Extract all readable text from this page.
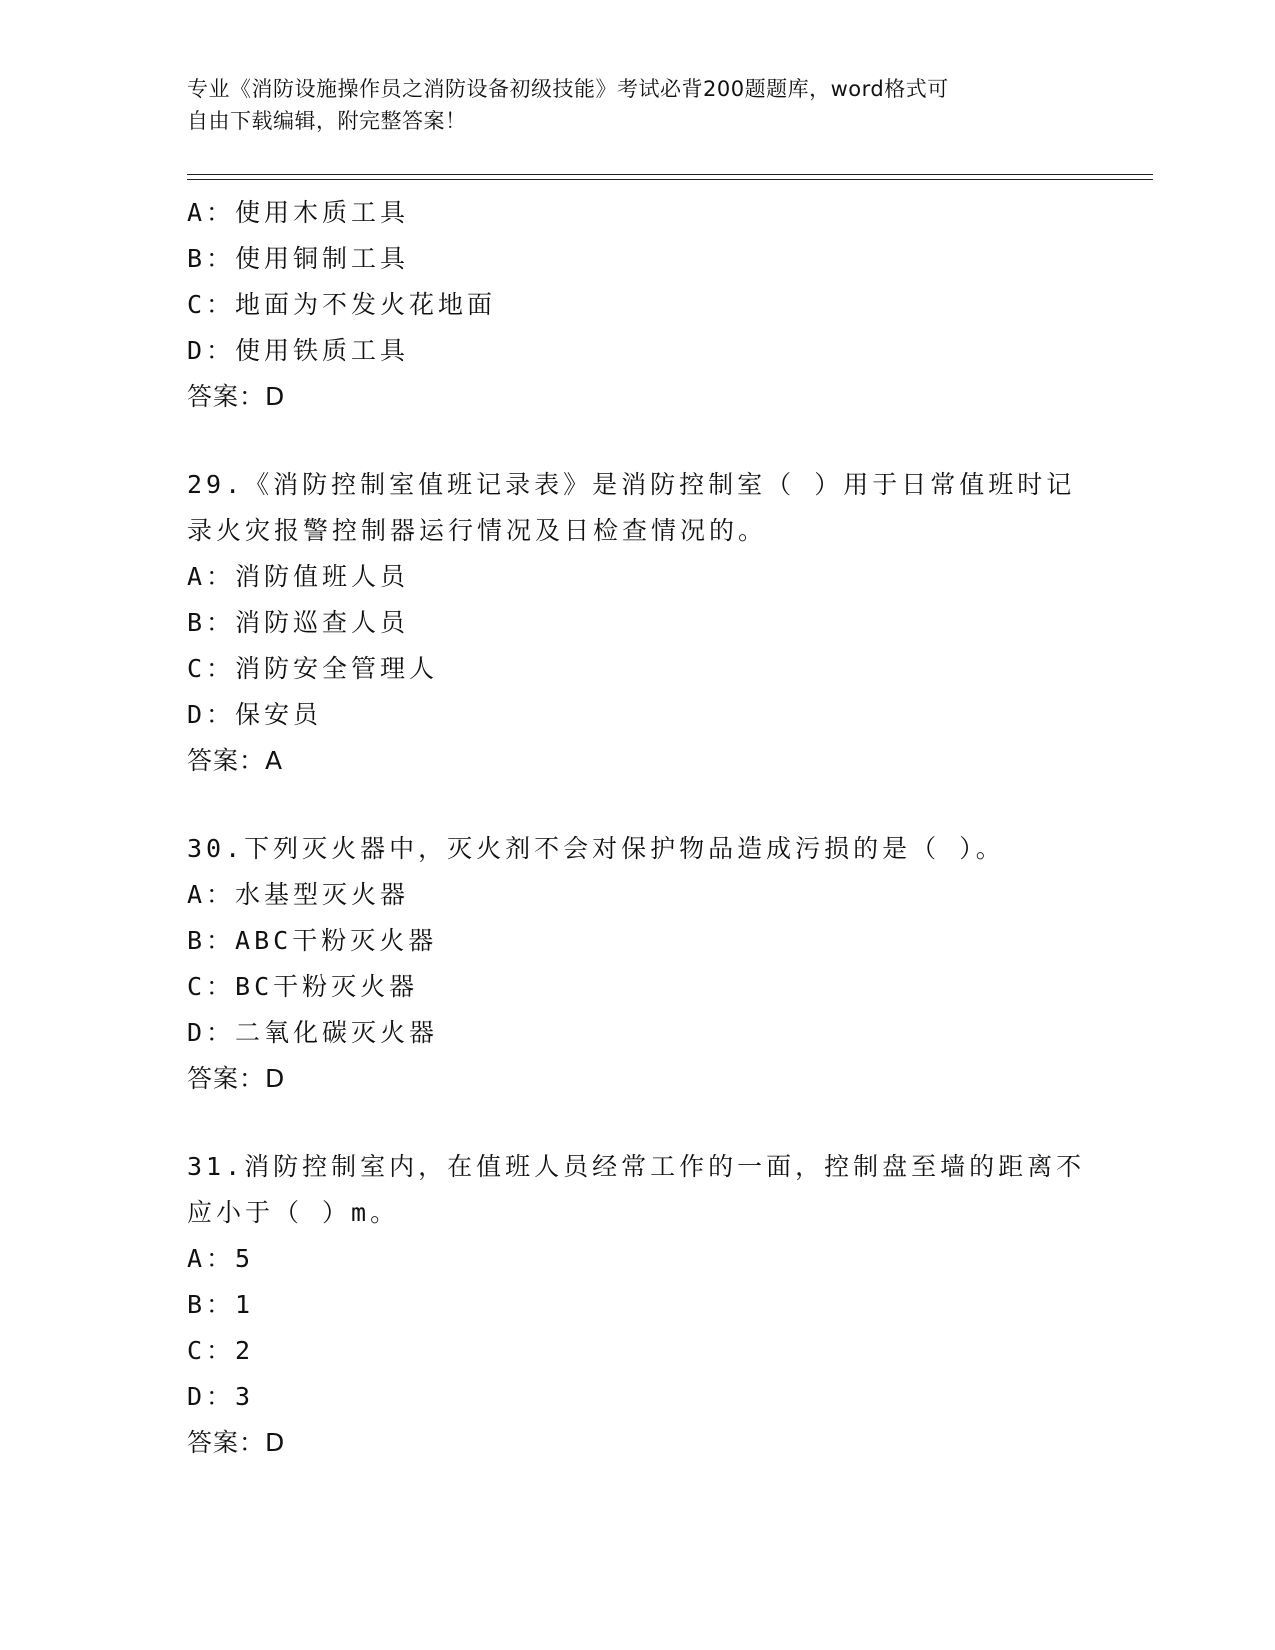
专业《消防设施操作员之消防设备初级技能》考试必背200题题库，word格式可
自由下载编辑，附完整答案！
A：使用木质工具
B：使用铜制工具
C：地面为不发火花地面
D：使用铁质工具
答案：D
29.《消防控制室值班记录表》是消防控制室（ ）用于日常值班时记
录火灾报警控制器运行情况及日检查情况的。
A：消防值班人员
B：消防巡查人员
C：消防安全管理人
D：保安员
答案：A
30.下列灭火器中，灭火剂不会对保护物品造成污损的是（ ）。
A：水基型灭火器
B：ABC干粉灭火器
C：BC干粉灭火器
D：二氧化碳灭火器
答案：D
31.消防控制室内，在值班人员经常工作的一面，控制盘至墙的距离不
应小于（ ）m。
A：5
B：1
C：2
D：3
答案：D
